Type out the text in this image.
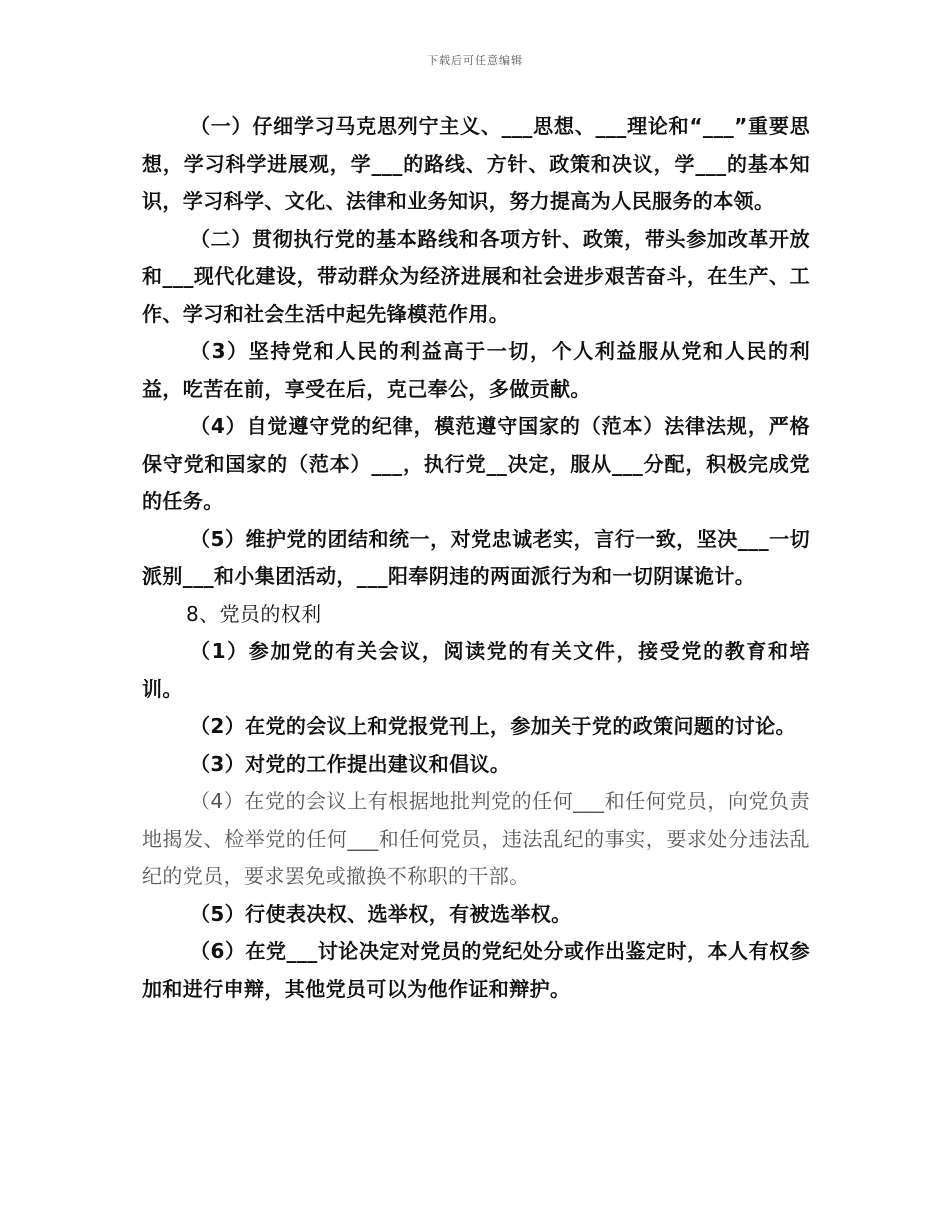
下载后可任意编辑

（一）仔细学习马克思列宁主义、___思想、___理论和“___”重要思想，学习科学进展观，学___的路线、方针、政策和决议，学___的基本知识，学习科学、文化、法律和业务知识，努力提高为人民服务的本领。

（二）贯彻执行党的基本路线和各项方针、政策，带头参加改革开放和___现代化建设，带动群众为经济进展和社会进步艰苦奋斗，在生产、工作、学习和社会生活中起先锋模范作用。

（3）坚持党和人民的利益高于一切，个人利益服从党和人民的利益，吃苦在前，享受在后，克己奉公，多做贡献。

（4）自觉遵守党的纪律，模范遵守国家的（范本）法律法规，严格保守党和国家的（范本）___，执行党__决定，服从___分配，积极完成党的任务。

（5）维护党的团结和统一，对党忠诚老实，言行一致，坚决___一切派别___和小集团活动，___阳奉阴违的两面派行为和一切阴谋诡计。

8、党员的权利

（1）参加党的有关会议，阅读党的有关文件，接受党的教育和培训。

（2）在党的会议上和党报党刊上，参加关于党的政策问题的讨论。

（3）对党的工作提出建议和倡议。

（4）在党的会议上有根据地批判党的任何___和任何党员，向党负责地揭发、检举党的任何___和任何党员，违法乱纪的事实，要求处分违法乱纪的党员，要求罢免或撤换不称职的干部。

（5）行使表决权、选举权，有被选举权。

（6）在党___讨论决定对党员的党纪处分或作出鉴定时，本人有权参加和进行申辩，其他党员可以为他作证和辩护。
